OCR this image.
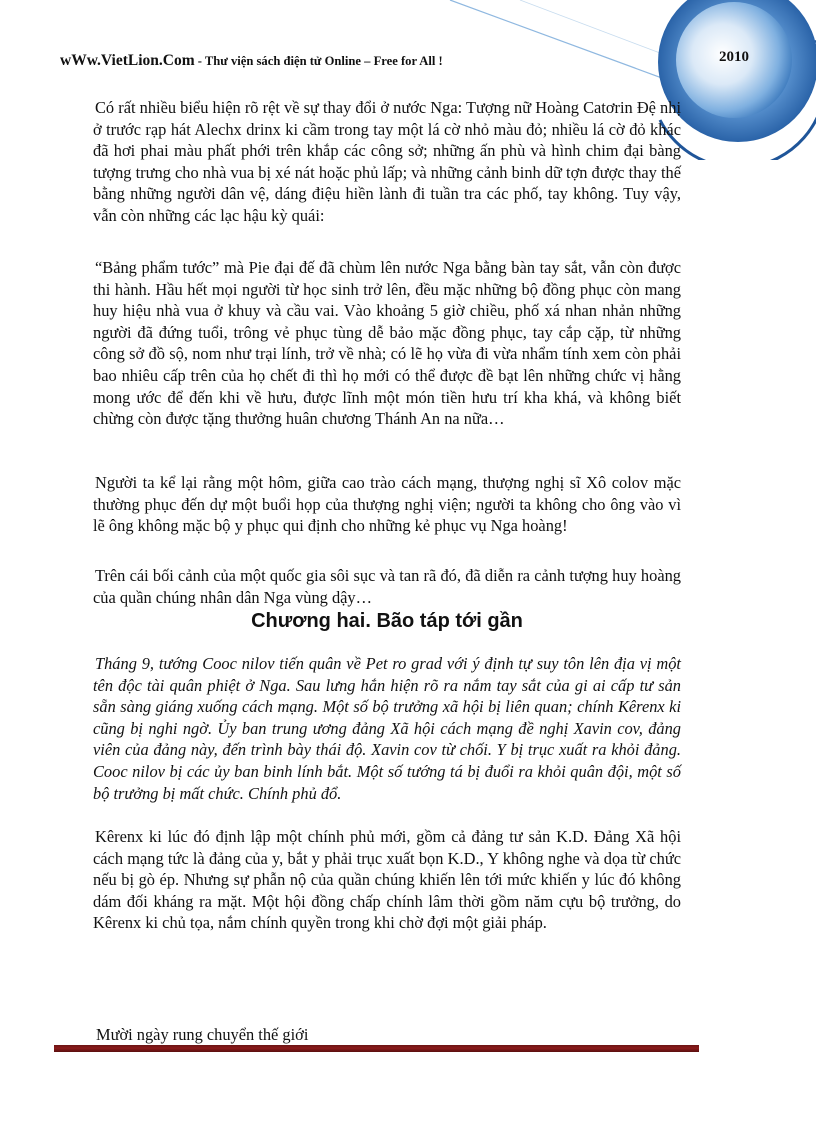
wWw.VietLion.Com - Thư viện sách điện tử Online – Free for All !	2010

Có rất nhiều biểu hiện rõ rệt về sự thay đổi ở nước Nga: Tượng nữ Hoàng Catơrin Đệ nhị ở trước rạp hát Alechx drinx ki cầm trong tay một lá cờ nhỏ màu đỏ; nhiều lá cờ đỏ khác đã hơi phai màu phất phới trên khắp các công sở; những ấn phù và hình chim đại bàng tượng trưng cho nhà vua bị xé nát hoặc phủ lấp; và những cảnh binh dữ tợn được thay thế bằng những người dân vệ, dáng điệu hiền lành đi tuần tra các phố, tay không. Tuy vậy, vẫn còn những các lạc hậu kỳ quái:

“Bảng phẩm tước” mà Pie đại đế đã chùm lên nước Nga bằng bàn tay sắt, vẫn còn được thi hành. Hầu hết mọi người từ học sinh trở lên, đều mặc những bộ đồng phục còn mang huy hiệu nhà vua ở khuy và cầu vai. Vào khoảng 5 giờ chiều, phố xá nhan nhản những người đã đứng tuổi, trông vẻ phục tùng dễ bảo mặc đồng phục, tay cắp cặp, từ những công sở đồ sộ, nom như trại lính, trở về nhà; có lẽ họ vừa đi vừa nhẩm tính xem còn phải bao nhiêu cấp trên của họ chết đi thì họ mới có thể được đề bạt lên những chức vị hằng mong ước để đến khi về hưu, được lĩnh một món tiền hưu trí kha khá, và không biết chừng còn được tặng thưởng huân chương Thánh An na nữa…

Người ta kể lại rằng một hôm, giữa cao trào cách mạng, thượng nghị sĩ Xô colov mặc thường phục đến dự một buổi họp của thượng nghị viện; người ta không cho ông vào vì lẽ ông không mặc bộ y phục qui định cho những kẻ phục vụ Nga hoàng!

Trên cái bối cảnh của một quốc gia sôi sục và tan rã đó, đã diễn ra cảnh tượng huy hoàng của quần chúng nhân dân Nga vùng dậy…

Chương hai. Bão táp tới gần

Tháng 9, tướng Cooc nilov tiến quân về Pet ro grad với ý định tự suy tôn lên địa vị một tên độc tài quân phiệt ở Nga. Sau lưng hắn hiện rõ ra nắm tay sắt của gi ai cấp tư sản sẵn sàng giáng xuống cách mạng. Một số bộ trưởng xã hội bị liên quan; chính Kêrenx ki cũng bị nghi ngờ. Ủy ban trung ương đảng Xã hội cách mạng đề nghị Xavin cov, đảng viên của đảng này, đến trình bày thái độ. Xavin cov từ chối. Y bị trục xuất ra khỏi đảng. Cooc nilov bị các ủy ban binh lính bắt. Một số tướng tá bị đuổi ra khỏi quân đội, một số bộ trưởng bị mất chức. Chính phủ đổ.

Kêrenx ki lúc đó định lập một chính phủ mới, gồm cả đảng tư sản K.D. Đảng Xã hội cách mạng tức là đảng của y, bắt y phải trục xuất bọn K.D., Y không nghe và dọa từ chức nếu bị gò ép. Nhưng sự phẫn nộ của quần chúng khiến lên tới mức khiến y lúc đó không dám đối kháng ra mặt. Một hội đồng chấp chính lâm thời gồm năm cựu bộ trưởng, do Kêrenx ki chủ tọa, nắm chính quyền trong khi chờ đợi một giải pháp.

Mười ngày rung chuyển thế giới
